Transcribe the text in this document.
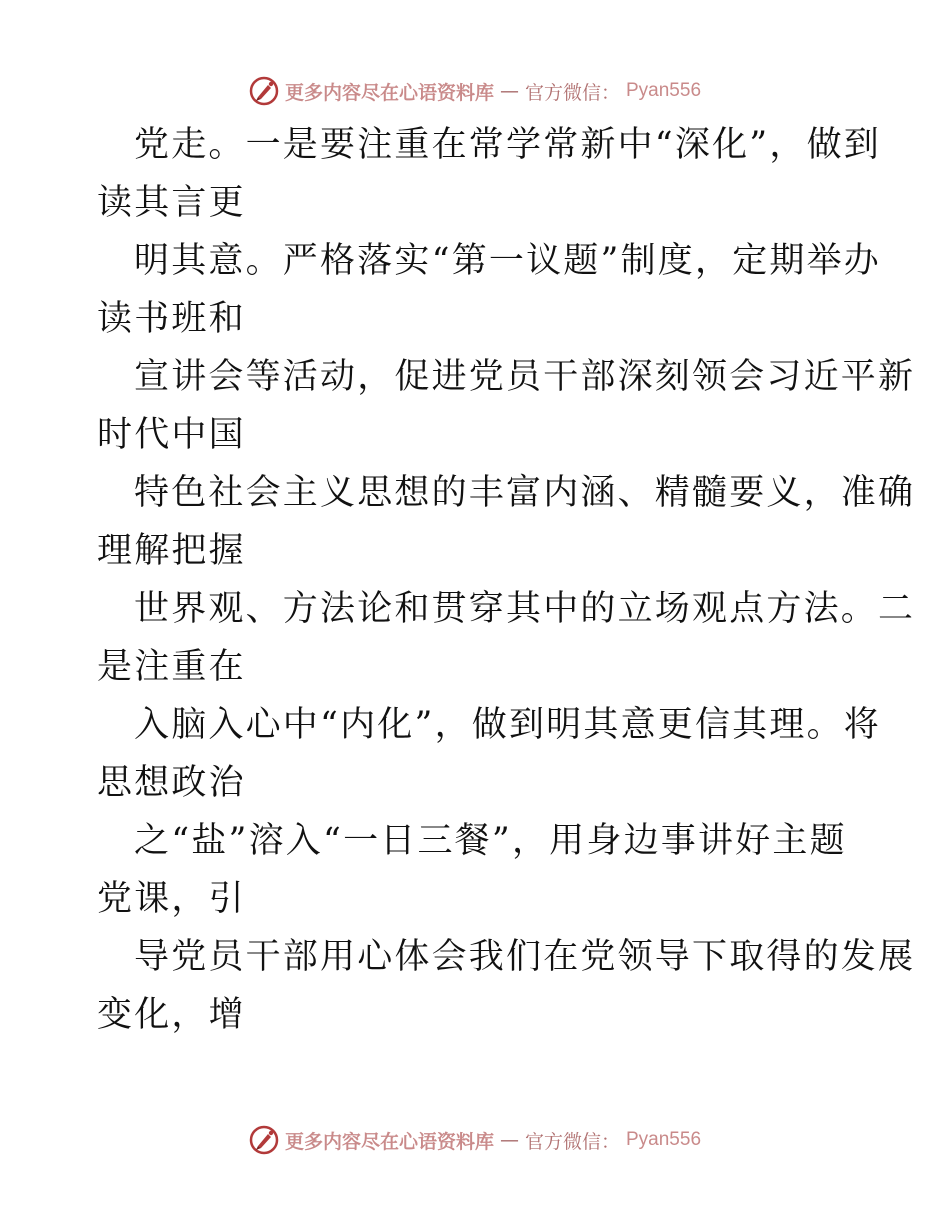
更多内容尽在心语资料库 — 官方微信： Pyan556
党走。一是要注重在常学常新中“深化”，做到
读其言更
明其意。严格落实“第一议题”制度，定期举办
读书班和
宣讲会等活动，促进党员干部深刻领会习近平新
时代中国
特色社会主义思想的丰富内涵、精髓要义，准确
理解把握
世界观、方法论和贯穿其中的立场观点方法。二
是注重在
入脑入心中“内化”，做到明其意更信其理。将
思想政治
之“盐”溶入“一日三餐”，用身边事讲好主题
党课，引
导党员干部用心体会我们在党领导下取得的发展
变化，增
更多内容尽在心语资料库 — 官方微信： Pyan556
